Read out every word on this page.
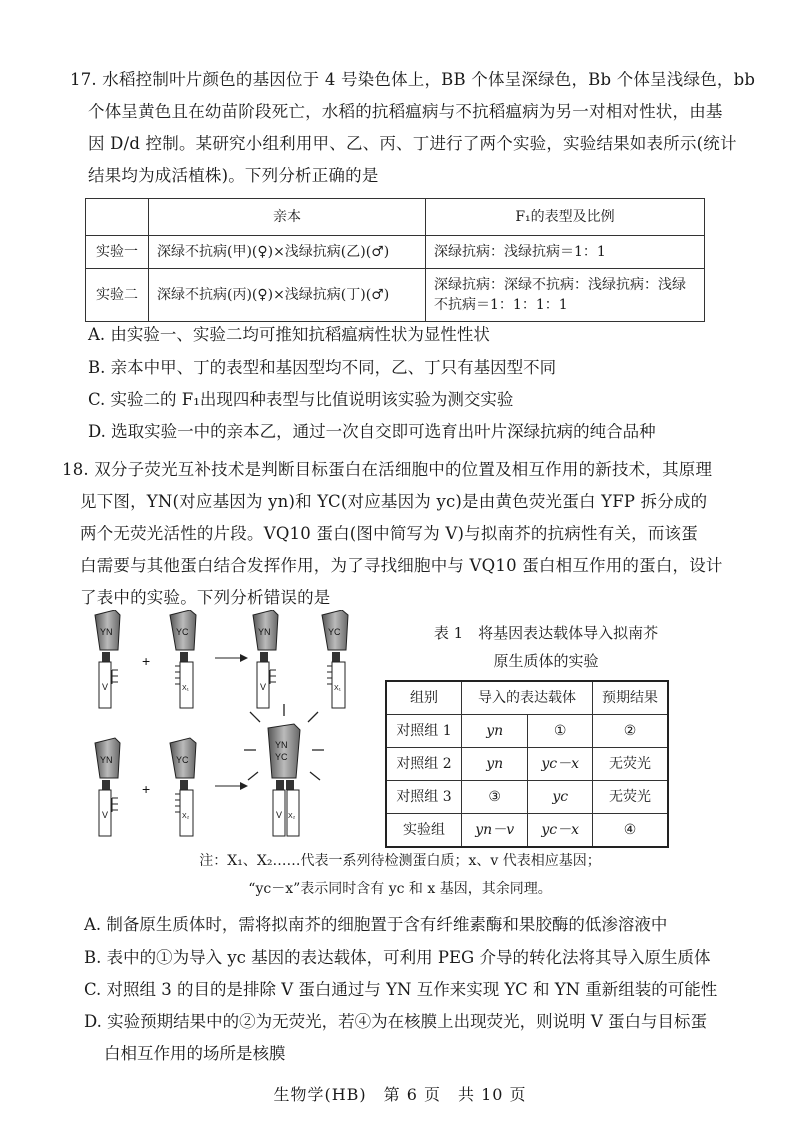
17. 水稻控制叶片颜色的基因位于 4 号染色体上，BB 个体呈深绿色，Bb 个体呈浅绿色，bb
个体呈黄色且在幼苗阶段死亡，水稻的抗稻瘟病与不抗稻瘟病为另一对相对性状，由基
因 D/d 控制。某研究小组利用甲、乙、丙、丁进行了两个实验，实验结果如表所示(统计
结果均为成活植株)。下列分析正确的是
	亲本	F₁的表型及比例
实验一	深绿不抗病(甲)(♀)×浅绿抗病(乙)(♂)	深绿抗病：浅绿抗病＝1：1
实验二	深绿不抗病(丙)(♀)×浅绿抗病(丁)(♂)	深绿抗病：深绿不抗病：浅绿抗病：浅绿不抗病＝1：1：1：1
A. 由实验一、实验二均可推知抗稻瘟病性状为显性性状
B. 亲本中甲、丁的表型和基因型均不同，乙、丁只有基因型不同
C. 实验二的 F₁出现四种表型与比值说明该实验为测交实验
D. 选取实验一中的亲本乙，通过一次自交即可选育出叶片深绿抗病的纯合品种
18. 双分子荧光互补技术是判断目标蛋白在活细胞中的位置及相互作用的新技术，其原理
见下图，YN(对应基因为 yn)和 YC(对应基因为 yc)是由黄色荧光蛋白 YFP 拆分成的
两个无荧光活性的片段。VQ10 蛋白(图中简写为 V)与拟南芥的抗病性有关，而该蛋
白需要与其他蛋白结合发挥作用，为了寻找细胞中与 VQ10 蛋白相互作用的蛋白，设计
了表中的实验。下列分析错误的是
YN
V
+
YC
X₁
YN
V
YC
X₁
YN
V
+
YC
X₂
YN
YC
V X₂
表 1　将基因表达载体导入拟南芥
原生质体的实验
组别	导入的表达载体		预期结果
对照组 1	yn	①	②
对照组 2	yn	yc－x	无荧光
对照组 3	③	yc	无荧光
实验组	yn－v	yc－x	④
注：X₁、X₂……代表一系列待检测蛋白质；x、v 代表相应基因；
“yc－x”表示同时含有 yc 和 x 基因，其余同理。
A. 制备原生质体时，需将拟南芥的细胞置于含有纤维素酶和果胶酶的低渗溶液中
B. 表中的①为导入 yc 基因的表达载体，可利用 PEG 介导的转化法将其导入原生质体
C. 对照组 3 的目的是排除 V 蛋白通过与 YN 互作来实现 YC 和 YN 重新组装的可能性
D. 实验预期结果中的②为无荧光，若④为在核膜上出现荧光，则说明 V 蛋白与目标蛋
白相互作用的场所是核膜
生物学(HB)　第 6 页　共 10 页
